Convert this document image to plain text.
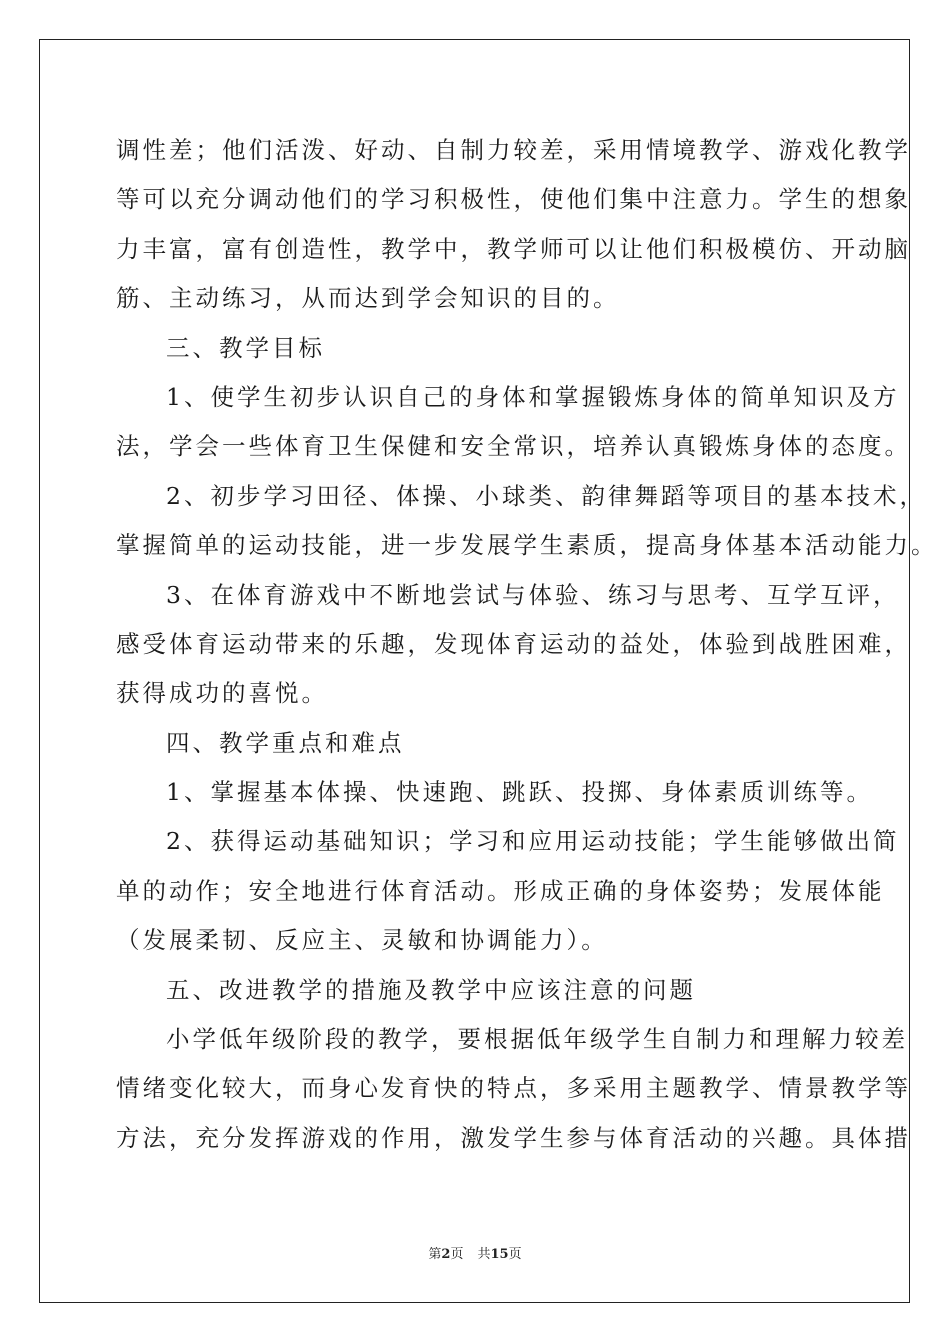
调性差；他们活泼、好动、自制力较差，采用情境教学、游戏化教学
等可以充分调动他们的学习积极性，使他们集中注意力。学生的想象
力丰富，富有创造性，教学中，教学师可以让他们积极模仿、开动脑
筋、主动练习，从而达到学会知识的目的。
三、教学目标
1、使学生初步认识自己的身体和掌握锻炼身体的简单知识及方
法，学会一些体育卫生保健和安全常识，培养认真锻炼身体的态度。
2、初步学习田径、体操、小球类、韵律舞蹈等项目的基本技术，
掌握简单的运动技能，进一步发展学生素质，提高身体基本活动能力。
3、在体育游戏中不断地尝试与体验、练习与思考、互学互评，
感受体育运动带来的乐趣，发现体育运动的益处，体验到战胜困难，
获得成功的喜悦。
四、教学重点和难点
1、掌握基本体操、快速跑、跳跃、投掷、身体素质训练等。
2、获得运动基础知识；学习和应用运动技能；学生能够做出简
单的动作；安全地进行体育活动。形成正确的身体姿势；发展体能
（发展柔韧、反应主、灵敏和协调能力）。
五、改进教学的措施及教学中应该注意的问题
小学低年级阶段的教学，要根据低年级学生自制力和理解力较差
情绪变化较大，而身心发育快的特点，多采用主题教学、情景教学等
方法，充分发挥游戏的作用，激发学生参与体育活动的兴趣。具体措
第2页 共15页
